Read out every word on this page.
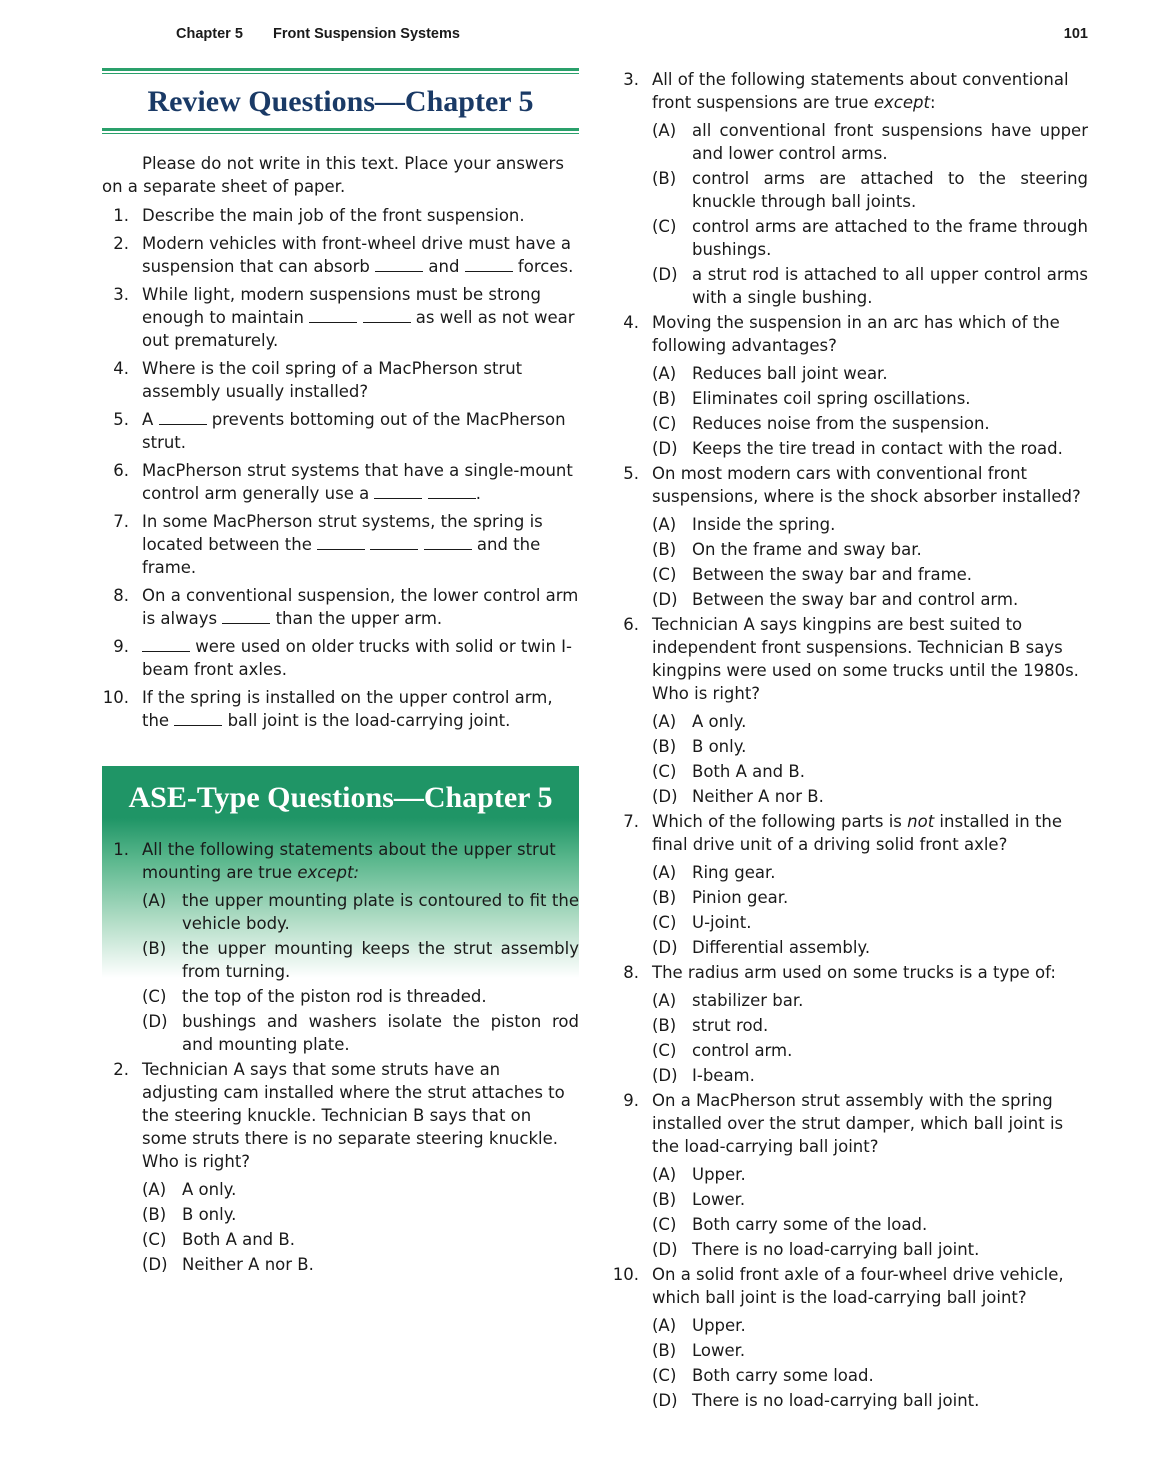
Chapter 5 Front Suspension Systems	101
Review Questions—Chapter 5

Please do not write in this text. Place your answers on a separate sheet of paper.

1. Describe the main job of the front suspension.
2. Modern vehicles with front-wheel drive must have a suspension that can absorb	and	forces.
3. While light, modern suspensions must be strong enough to maintain	as well as not wear out prematurely.
4. Where is the coil spring of a MacPherson strut assembly usually installed?
5. A	prevents bottoming out of the MacPherson strut.
6. MacPherson strut systems that have a single-mount control arm generally use a	.
7. In some MacPherson strut systems, the spring is located between the	and the frame.
8. On a conventional suspension, the lower control arm is always	than the upper arm.
9.	were used on older trucks with solid or twin I-beam front axles.
10. If the spring is installed on the upper control arm, the	ball joint is the load-carrying joint.
ASE-Type Questions—Chapter 5
1. All the following statements about the upper strut mounting are true except:
(A) the upper mounting plate is contoured to fit the vehicle body.
(B) the upper mounting keeps the strut assembly from turning.
(C) the top of the piston rod is threaded.
(D) bushings and washers isolate the piston rod and mounting plate.
2. Technician A says that some struts have an adjusting cam installed where the strut attaches to the steering knuckle. Technician B says that on some struts there is no separate steering knuckle. Who is right?
(A) A only.
(B) B only.
(C) Both A and B.
(D) Neither A nor B.
3. All of the following statements about conventional front suspensions are true except:
(A) all conventional front suspensions have upper and lower control arms.
(B) control arms are attached to the steering knuckle through ball joints.
(C) control arms are attached to the frame through bushings.
(D) a strut rod is attached to all upper control arms with a single bushing.
4. Moving the suspension in an arc has which of the following advantages?
(A) Reduces ball joint wear.
(B) Eliminates coil spring oscillations.
(C) Reduces noise from the suspension.
(D) Keeps the tire tread in contact with the road.
5. On most modern cars with conventional front suspensions, where is the shock absorber installed?
(A) Inside the spring.
(B) On the frame and sway bar.
(C) Between the sway bar and frame.
(D) Between the sway bar and control arm.
6. Technician A says kingpins are best suited to independent front suspensions. Technician B says kingpins were used on some trucks until the 1980s. Who is right?
(A) A only.
(B) B only.
(C) Both A and B.
(D) Neither A nor B.
7. Which of the following parts is not installed in the final drive unit of a driving solid front axle?
(A) Ring gear.
(B) Pinion gear.
(C) U-joint.
(D) Differential assembly.
8. The radius arm used on some trucks is a type of:
(A) stabilizer bar.
(B) strut rod.
(C) control arm.
(D) I-beam.
9. On a MacPherson strut assembly with the spring installed over the strut damper, which ball joint is the load-carrying ball joint?
(A) Upper.
(B) Lower.
(C) Both carry some of the load.
(D) There is no load-carrying ball joint.
10. On a solid front axle of a four-wheel drive vehicle, which ball joint is the load-carrying ball joint?
(A) Upper.
(B) Lower.
(C) Both carry some load.
(D) There is no load-carrying ball joint.
